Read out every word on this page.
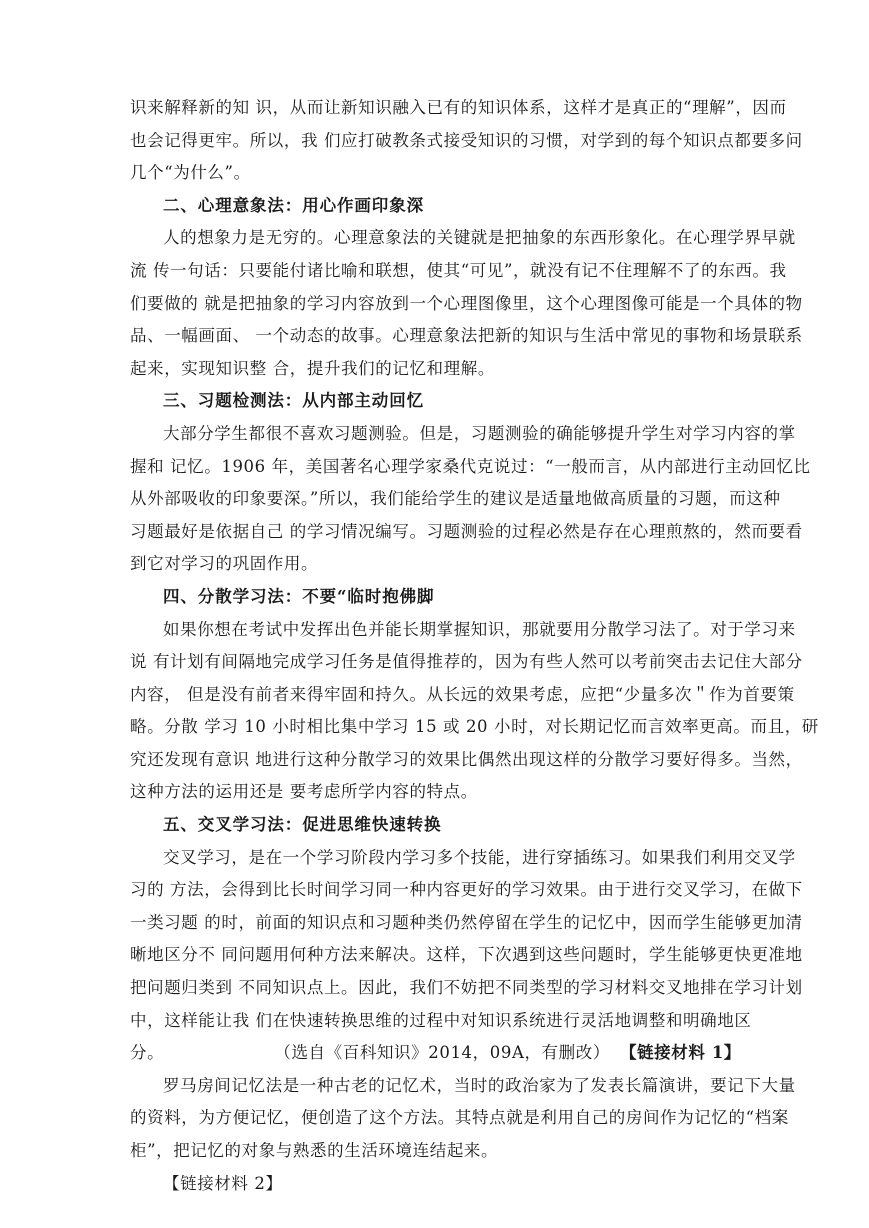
识来解释新的知 识，从而让新知识融入已有的知识体系，这样才是真正的“理解”，因而
也会记得更牢。所以，我 们应打破教条式接受知识的习惯，对学到的每个知识点都要多问
几个“为什么”。
二、心理意象法：用心作画印象深
人的想象力是无穷的。心理意象法的关键就是把抽象的东西形象化。在心理学界早就
流 传一句话：只要能付诸比喻和联想，使其“可见”，就没有记不住理解不了的东西。我
们要做的 就是把抽象的学习内容放到一个心理图像里，这个心理图像可能是一个具体的物
品、一幅画面、 一个动态的故事。心理意象法把新的知识与生活中常见的事物和场景联系
起来，实现知识整 合，提升我们的记忆和理解。
三、习题检测法：从内部主动回忆
大部分学生都很不喜欢习题测验。但是，习题测验的确能够提升学生对学习内容的掌
握和 记忆。1906 年，美国著名心理学家桑代克说过：“一般而言，从内部进行主动回忆比
从外部吸收的印象要深。”所以，我们能给学生的建议是适量地做高质量的习题，而这种
习题最好是依据自己 的学习情况编写。习题测验的过程必然是存在心理煎熬的，然而要看
到它对学习的巩固作用。
四、分散学习法：不要“临时抱佛脚
如果你想在考试中发挥出色并能长期掌握知识，那就要用分散学习法了。对于学习来
说 有计划有间隔地完成学习任务是值得推荐的，因为有些人然可以考前突击去记住大部分
内容， 但是没有前者来得牢固和持久。从长远的效果考虑，应把“少量多次＂作为首要策
略。分散 学习 10 小时相比集中学习 15 或 20 小时，对长期记忆而言效率更高。而且，研
究还发现有意识 地进行这种分散学习的效果比偶然出现这样的分散学习要好得多。当然，
这种方法的运用还是 要考虑所学内容的特点。
五、交叉学习法：促进思维快速转换
交叉学习，是在一个学习阶段内学习多个技能，进行穿插练习。如果我们利用交叉学
习的 方法，会得到比长时间学习同一种内容更好的学习效果。由于进行交叉学习，在做下
一类习题 的时，前面的知识点和习题种类仍然停留在学生的记忆中，因而学生能够更加清
晰地区分不 同问题用何种方法来解决。这样，下次遇到这些问题时，学生能够更快更准地
把问题归类到 不同知识点上。因此，我们不妨把不同类型的学习材料交叉地排在学习计划
中，这样能让我 们在快速转换思维的过程中对知识系统进行灵活地调整和明确地区
分。	（选自《百科知识》2014，09A，有删改） 【链接材料 1】
罗马房间记忆法是一种古老的记忆术，当时的政治家为了发表长篇演讲，要记下大量
的资料，为方便记忆，便创造了这个方法。其特点就是利用自己的房间作为记忆的“档案
柜”，把记忆的对象与熟悉的生活环境连结起来。
【链接材料 2】
